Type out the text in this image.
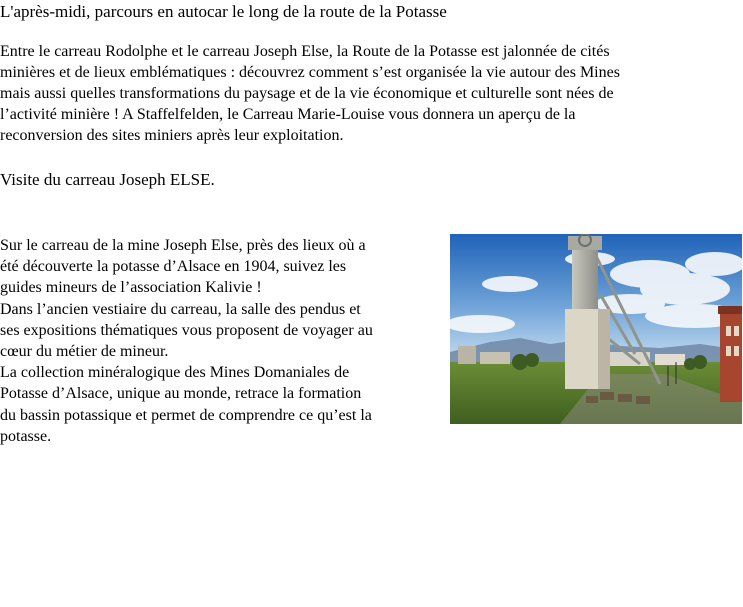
L'après-midi, parcours en autocar le long de la route de la Potasse
Entre le carreau Rodolphe et le carreau Joseph Else, la Route de la Potasse est jalonnée de cités
minières et de lieux emblématiques : découvrez comment s’est organisée la vie autour des Mines
mais aussi quelles transformations du paysage et de la vie économique et culturelle sont nées de
l’activité minière ! A Staffelfelden, le Carreau Marie-Louise vous donnera un aperçu de la
reconversion des sites miniers après leur exploitation.
Visite du carreau Joseph ELSE.
Sur le carreau de la mine Joseph Else, près des lieux où a
été découverte la potasse d’Alsace en 1904, suivez les
guides mineurs de l’association Kalivie !
Dans l’ancien vestiaire du carreau, la salle des pendus et
ses expositions thématiques vous proposent de voyager au
cœur du métier de mineur.
La collection minéralogique des Mines Domaniales de
Potasse d’Alsace, unique au monde, retrace la formation
du bassin potassique et permet de comprendre ce qu’est la
potasse.
